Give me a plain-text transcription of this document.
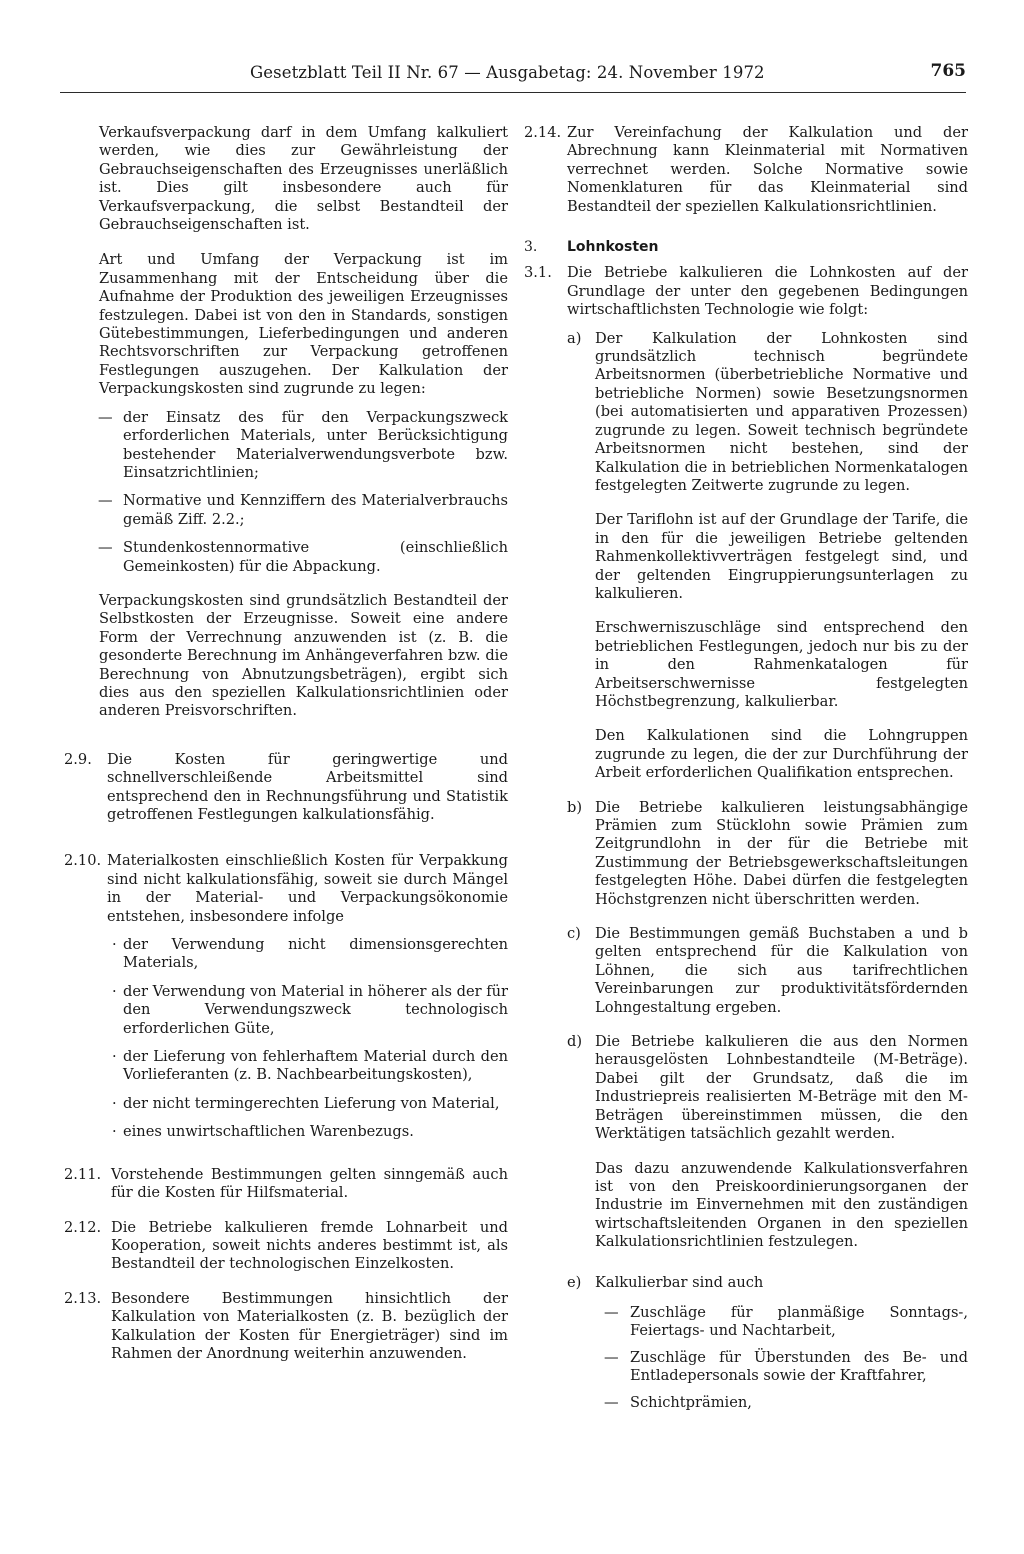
Gesetzblatt Teil II Nr. 67 — Ausgabetag: 24. November 1972	765

Verkaufsverpackung darf in dem Umfang kalkuliert werden, wie dies zur Gewährleistung der Gebrauchseigenschaften des Erzeugnisses unerläßlich ist. Dies gilt insbesondere auch für Verkaufsverpackung, die selbst Bestandteil der Gebrauchseigenschaften ist.

Art und Umfang der Verpackung ist im Zusammenhang mit der Entscheidung über die Aufnahme der Produktion des jeweiligen Erzeugnisses festzulegen. Dabei ist von den in Standards, sonstigen Gütebestimmungen, Lieferbedingungen und anderen Rechtsvorschriften zur Verpackung getroffenen Festlegungen auszugehen. Der Kalkulation der Verpackungskosten sind zugrunde zu legen:

— der Einsatz des für den Verpackungszweck erforderlichen Materials, unter Berücksichtigung bestehender Materialverwendungsverbote bzw. Einsatzrichtlinien;
— Normative und Kennziffern des Materialverbrauchs gemäß Ziff. 2.2.;
— Stundenkostennormative (einschließlich Gemeinkosten) für die Abpackung.

Verpackungskosten sind grundsätzlich Bestandteil der Selbstkosten der Erzeugnisse. Soweit eine andere Form der Verrechnung anzuwenden ist (z. B. die gesonderte Berechnung im Anhängeverfahren bzw. die Berechnung von Abnutzungsbeträgen), ergibt sich dies aus den speziellen Kalkulationsrichtlinien oder anderen Preisvorschriften.

2.9. Die Kosten für geringwertige und schnellverschleißende Arbeitsmittel sind entsprechend den in Rechnungsführung und Statistik getroffenen Festlegungen kalkulationsfähig.
2.10. Materialkosten einschließlich Kosten für Verpakkung sind nicht kalkulationsfähig, soweit sie durch Mängel in der Material- und Verpackungsökonomie entstehen, insbesondere infolge
· der Verwendung nicht dimensionsgerechten Materials,
· der Verwendung von Material in höherer als der für den Verwendungszweck technologisch erforderlichen Güte,
· der Lieferung von fehlerhaftem Material durch den Vorlieferanten (z. B. Nachbearbeitungskosten),
· der nicht termingerechten Lieferung von Material,
· eines unwirtschaftlichen Warenbezugs.
2.11. Vorstehende Bestimmungen gelten sinngemäß auch für die Kosten für Hilfsmaterial.
2.12. Die Betriebe kalkulieren fremde Lohnarbeit und Kooperation, soweit nichts anderes bestimmt ist, als Bestandteil der technologischen Einzelkosten.
2.13. Besondere Bestimmungen hinsichtlich der Kalkulation von Materialkosten (z. B. bezüglich der Kalkulation der Kosten für Energieträger) sind im Rahmen der Anordnung weiterhin anzuwenden.
2.14. Zur Vereinfachung der Kalkulation und der Abrechnung kann Kleinmaterial mit Normativen verrechnet werden. Solche Normative sowie Nomenklaturen für das Kleinmaterial sind Bestandteil der speziellen Kalkulationsrichtlinien.
3. Lohnkosten
3.1. Die Betriebe kalkulieren die Lohnkosten auf der Grundlage der unter den gegebenen Bedingungen wirtschaftlichsten Technologie wie folgt:
a) Der Kalkulation der Lohnkosten sind grundsätzlich technisch begründete Arbeitsnormen (überbetriebliche Normative und betriebliche Normen) sowie Besetzungsnormen (bei automatisierten und apparativen Prozessen) zugrunde zu legen. Soweit technisch begründete Arbeitsnormen nicht bestehen, sind der Kalkulation die in betrieblichen Normenkatalogen festgelegten Zeitwerte zugrunde zu legen.
Der Tariflohn ist auf der Grundlage der Tarife, die in den für die jeweiligen Betriebe geltenden Rahmenkollektivverträgen festgelegt sind, und der geltenden Eingruppierungsunterlagen zu kalkulieren.
Erschwerniszuschläge sind entsprechend den betrieblichen Festlegungen, jedoch nur bis zu der in den Rahmenkatalogen für Arbeitserschwernisse festgelegten Höchstbegrenzung, kalkulierbar.
Den Kalkulationen sind die Lohngruppen zugrunde zu legen, die der zur Durchführung der Arbeit erforderlichen Qualifikation entsprechen.
b) Die Betriebe kalkulieren leistungsabhängige Prämien zum Stücklohn sowie Prämien zum Zeitgrundlohn in der für die Betriebe mit Zustimmung der Betriebsgewerkschaftsleitungen festgelegten Höhe. Dabei dürfen die festgelegten Höchstgrenzen nicht überschritten werden.
c) Die Bestimmungen gemäß Buchstaben a und b gelten entsprechend für die Kalkulation von Löhnen, die sich aus tarifrechtlichen Vereinbarungen zur produktivitätsfördernden Lohngestaltung ergeben.
d) Die Betriebe kalkulieren die aus den Normen herausgelösten Lohnbestandteile (M-Beträge). Dabei gilt der Grundsatz, daß die im Industriepreis realisierten M-Beträge mit den M-Beträgen übereinstimmen müssen, die den Werktätigen tatsächlich gezahlt werden.
Das dazu anzuwendende Kalkulationsverfahren ist von den Preiskoordinierungsorganen der Industrie im Einvernehmen mit den zuständigen wirtschaftsleitenden Organen in den speziellen Kalkulationsrichtlinien festzulegen.
e) Kalkulierbar sind auch
— Zuschläge für planmäßige Sonntags-, Feiertags- und Nachtarbeit,
— Zuschläge für Überstunden des Be- und Entladepersonals sowie der Kraftfahrer,
— Schichtprämien,
